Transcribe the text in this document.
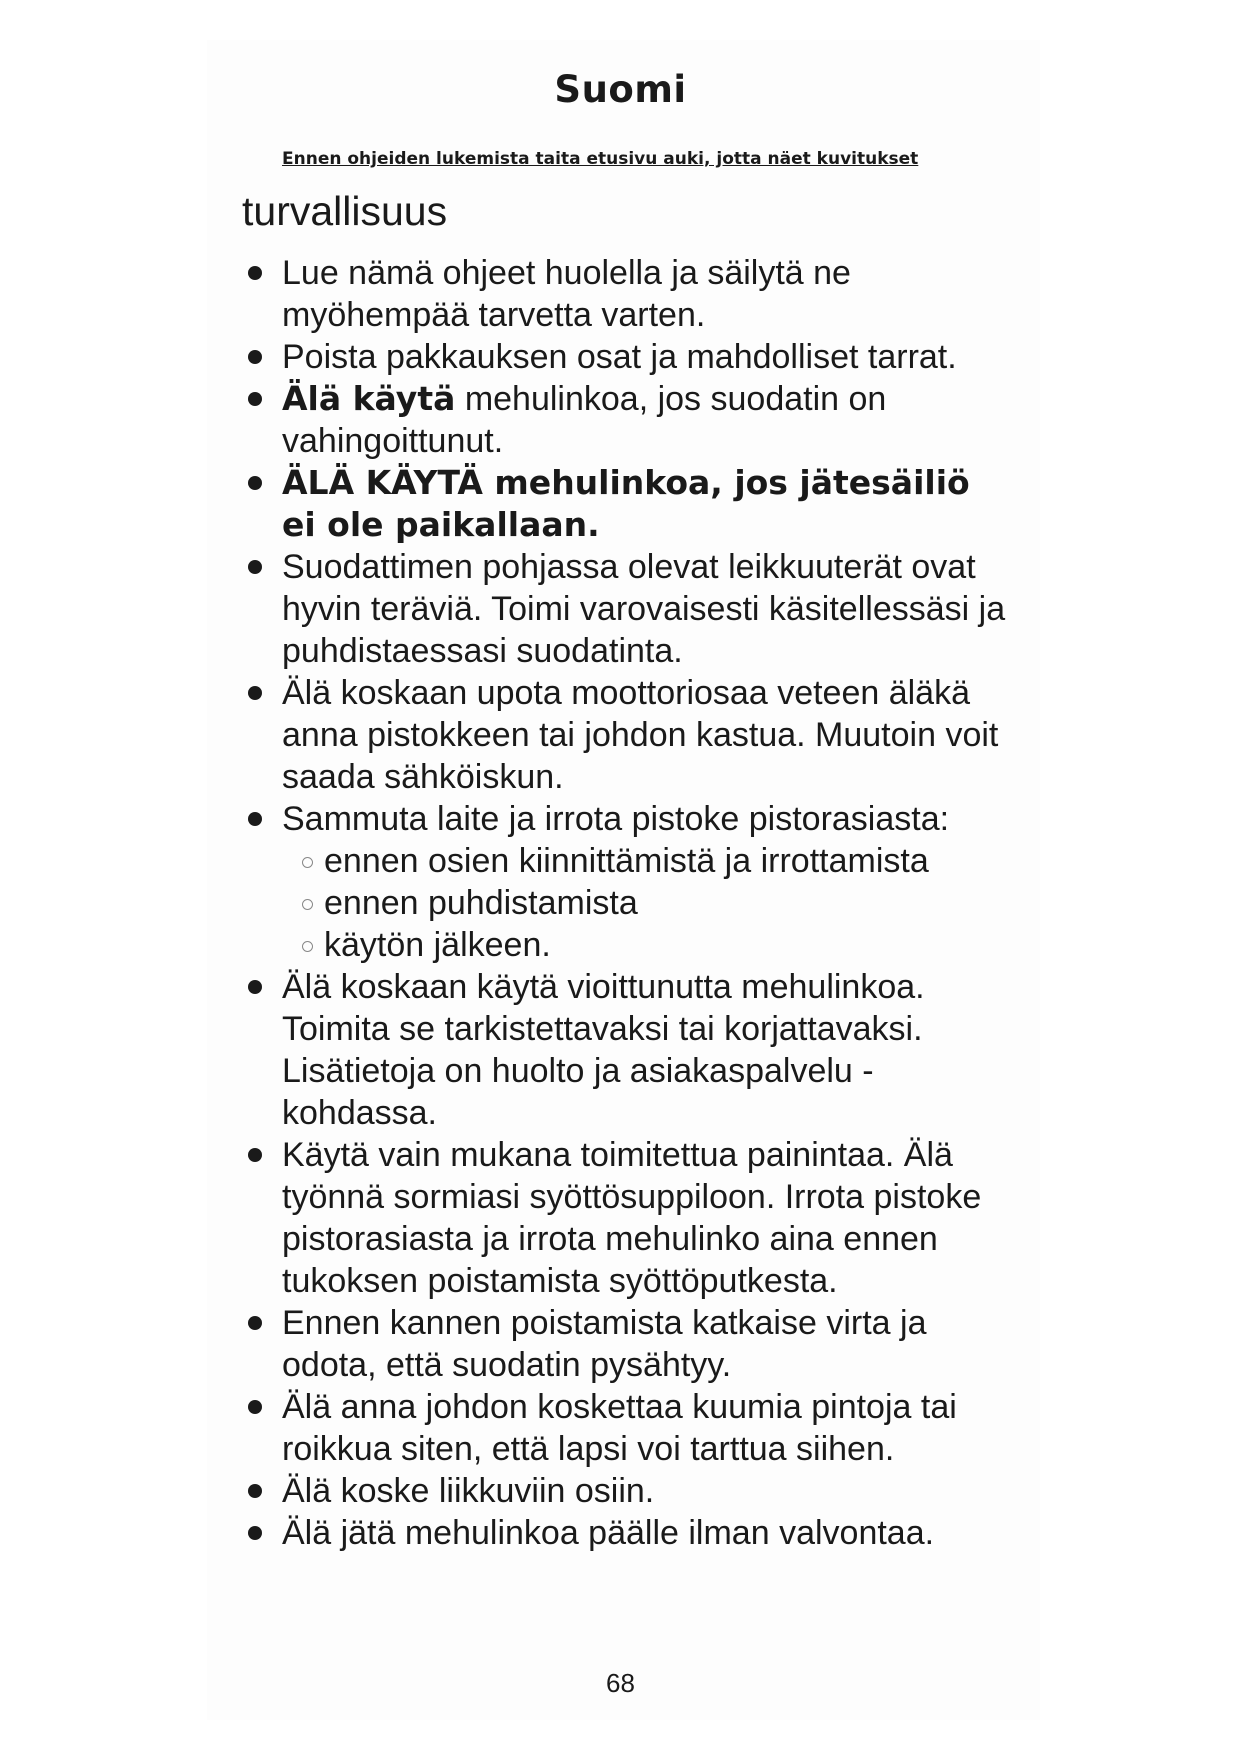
Suomi
Ennen ohjeiden lukemista taita etusivu auki, jotta näet kuvitukset
turvallisuus
Lue nämä ohjeet huolella ja säilytä ne myöhempää tarvetta varten.
Poista pakkauksen osat ja mahdolliset tarrat.
Älä käytä mehulinkoa, jos suodatin on vahingoittunut.
ÄLÄ KÄYTÄ mehulinkoa, jos jätesäiliö ei ole paikallaan.
Suodattimen pohjassa olevat leikkuuterät ovat hyvin teräviä. Toimi varovaisesti käsitellessäsi ja puhdistaessasi suodatinta.
Älä koskaan upota moottoriosaa veteen äläkä anna pistokkeen tai johdon kastua. Muutoin voit saada sähköiskun.
Sammuta laite ja irrota pistoke pistorasiasta:
ennen osien kiinnittämistä ja irrottamista
ennen puhdistamista
käytön jälkeen.
Älä koskaan käytä vioittunutta mehulinkoa. Toimita se tarkistettavaksi tai korjattavaksi. Lisätietoja on huolto ja asiakaspalvelu -kohdassa.
Käytä vain mukana toimitettua painintaa. Älä työnnä sormiasi syöttösuppiloon. Irrota pistoke pistorasiasta ja irrota mehulinko aina ennen tukoksen poistamista syöttöputkesta.
Ennen kannen poistamista katkaise virta ja odota, että suodatin pysähtyy.
Älä anna johdon koskettaa kuumia pintoja tai roikkua siten, että lapsi voi tarttua siihen.
Älä koske liikkuviin osiin.
Älä jätä mehulinkoa päälle ilman valvontaa.
68
